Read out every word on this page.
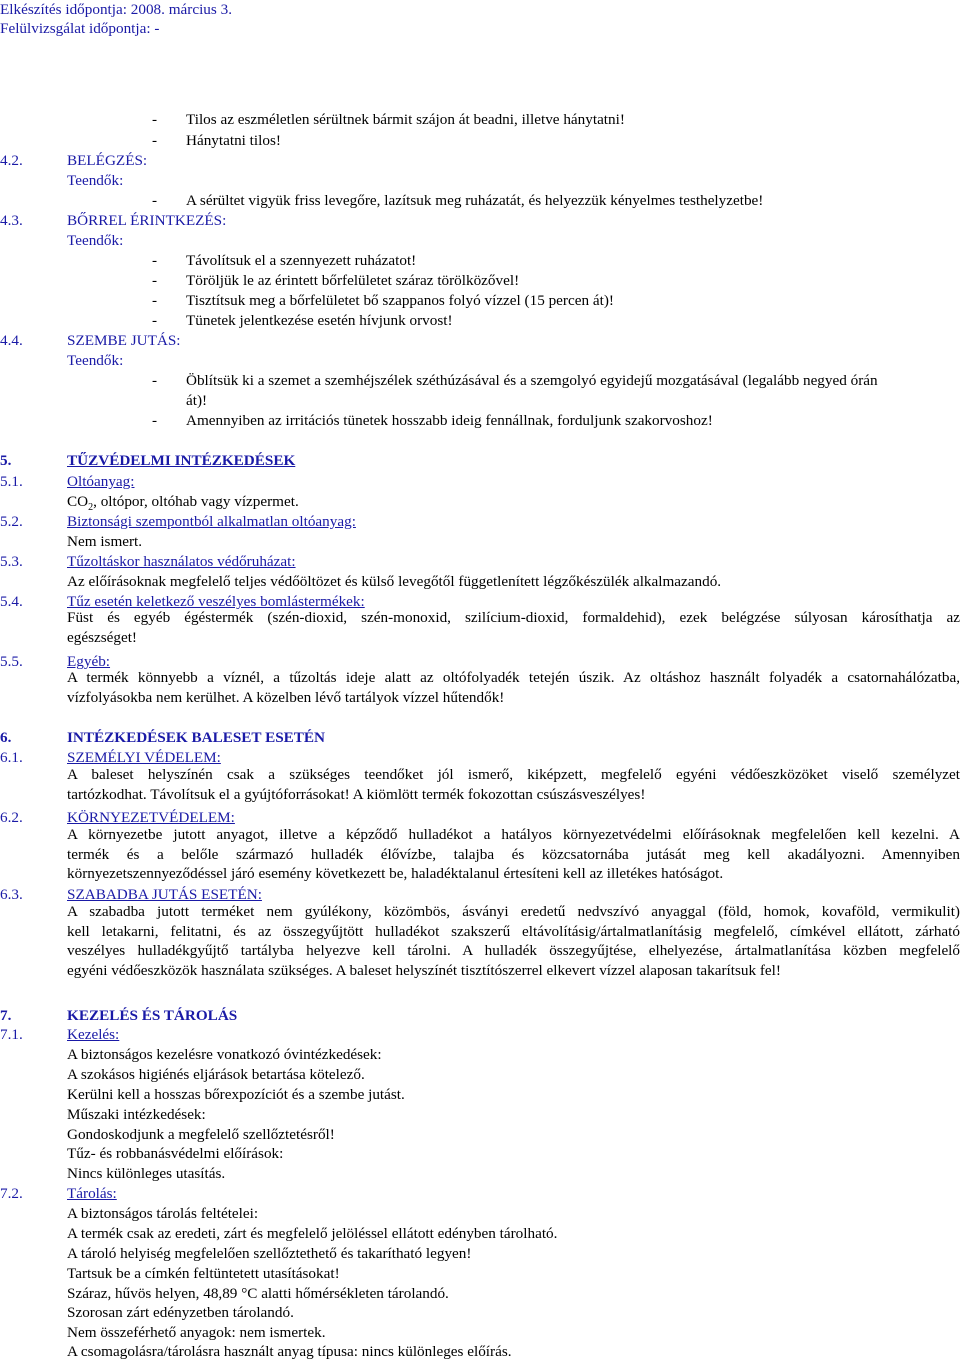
Elkészítés időpontja: 2008. március 3.
Felülvizsgálat időpontja: -
- Tilos az eszméletlen sérültnek bármit szájon át beadni, illetve hánytatni!
- Hánytatni tilos!
4.2.	BELÉGZÉS:
Teendők:
- A sérültet vigyük friss levegőre, lazítsuk meg ruházatát, és helyezzük kényelmes testhelyzetbe!
4.3.	BŐRREL ÉRINTKEZÉS:
Teendők:
- Távolítsuk el a szennyezett ruházatot!
- Töröljük le az érintett bőrfelületet száraz törölközővel!
- Tisztítsuk meg a bőrfelületet bő szappanos folyó vízzel (15 percen át)!
- Tünetek jelentkezése esetén hívjunk orvost!
4.4.	SZEMBE JUTÁS:
Teendők:
- Öblítsük ki a szemet a szemhéjszélek széthúzásával és a szemgolyó egyidejű mozgatásával (legalább negyed órán
át)!
- Amennyiben az irritációs tünetek hosszabb ideig fennállnak, forduljunk szakorvoshoz!
5.	TŰZVÉDELMI INTÉZKEDÉSEK
5.1.	Oltóanyag:
$CO_2$, oltópor, oltóhab vagy vízpermet.
5.2.	Biztonsági szempontból alkalmatlan oltóanyag:
Nem ismert.
5.3.	Tűzoltáskor használatos védőruházat:
Az előírásoknak megfelelő teljes védőöltözet és külső levegőtől függetlenített légzőkészülék alkalmazandó.
5.4.	Tűz esetén keletkező veszélyes bomlástermékek:
Füst és egyéb égéstermék (szén-dioxid, szén-monoxid, szilícium-dioxid, formaldehid), ezek belégzése súlyosan károsíthatja az
egészséget!
5.5.	Egyéb:
A termék könnyebb a víznél, a tűzoltás ideje alatt az oltófolyadék tetején úszik. Az oltáshoz használt folyadék a csatornahálózatba,
vízfolyásokba nem kerülhet. A közelben lévő tartályok vízzel hűtendők!
6.	INTÉZKEDÉSEK BALESET ESETÉN
6.1.	SZEMÉLYI VÉDELEM:
A baleset helyszínén csak a szükséges teendőket jól ismerő, kiképzett, megfelelő egyéni védőeszközöket viselő személyzet
tartózkodhat. Távolítsuk el a gyújtóforrásokat! A kiömlött termék fokozottan csúszásveszélyes!
6.2.	KÖRNYEZETVÉDELEM:
A környezetbe jutott anyagot, illetve a képződő hulladékot a hatályos környezetvédelmi előírásoknak megfelelően kell kezelni. A
termék és a belőle származó hulladék élővízbe, talajba és közcsatornába jutását meg kell akadályozni. Amennyiben
környezetszennyeződéssel járó esemény következett be, haladéktalanul értesíteni kell az illetékes hatóságot.
6.3.	SZABADBA JUTÁS ESETÉN:
A szabadba jutott terméket nem gyúlékony, közömbös, ásványi eredetű nedvszívó anyaggal (föld, homok, kovaföld, vermikulit)
kell letakarni, felitatni, és az összegyűjtött hulladékot szakszerű eltávolításig/ártalmatlanításig megfelelő, címkével ellátott, zárható
veszélyes hulladékgyűjtő tartályba helyezve kell tárolni. A hulladék összegyűjtése, elhelyezése, ártalmatlanítása közben megfelelő
egyéni védőeszközök használata szükséges. A baleset helyszínét tisztítószerrel elkevert vízzel alaposan takarítsuk fel!
7.	KEZELÉS ÉS TÁROLÁS
7.1.	Kezelés:
A biztonságos kezelésre vonatkozó óvintézkedések:
A szokásos higiénés eljárások betartása kötelező.
Kerülni kell a hosszas bőrexpozíciót és a szembe jutást.
Műszaki intézkedések:
Gondoskodjunk a megfelelő szellőztetésről!
Tűz- és robbanásvédelmi előírások:
Nincs különleges utasítás.
7.2.	Tárolás:
A biztonságos tárolás feltételei:
A termék csak az eredeti, zárt és megfelelő jelöléssel ellátott edényben tárolható.
A tároló helyiség megfelelően szellőztethető és takarítható legyen!
Tartsuk be a címkén feltüntetett utasításokat!
Száraz, hűvös helyen, 48,89 °C alatti hőmérsékleten tárolandó.
Szorosan zárt edényzetben tárolandó.
Nem összeférhető anyagok: nem ismertek.
A csomagolásra/tárolásra használt anyag típusa: nincs különleges előírás.
